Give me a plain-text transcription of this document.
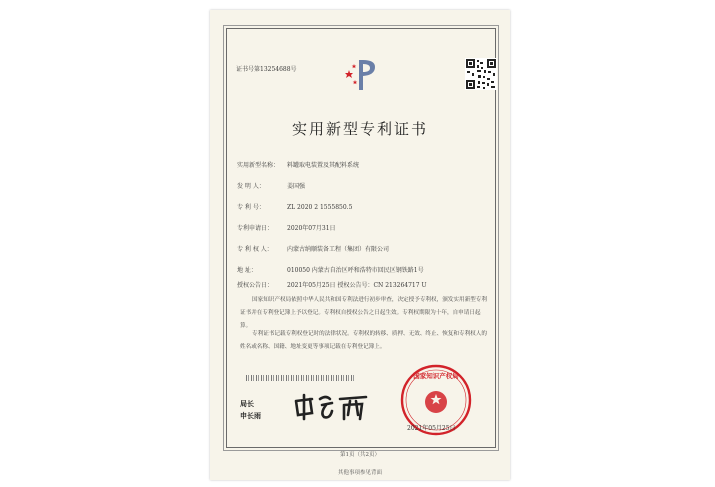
证书号第13254688号
实用新型专利证书
实用新型名称： 料罐取电装置及其配料系统
发 明 人：	姜国强
专 利 号：	ZL 2020 2 1555850.5
专利申请日： 2020年07月31日
专 利 权 人： 内蒙古纳顺装备工程（集团）有限公司
地 址：	010050 内蒙古自治区呼和浩特市回民区钢铁路1号
授权公告日： 2021年05月25日 授权公告号：CN 213264717 U
国家知识产权局依照中华人民共和国专利法进行初步审查，决定授予专利权，颁发实用新型专利证书并在专利登记簿上予以登记。专利权自授权公告之日起生效。专利权期限为十年，自申请日起算。
专利证书记载专利权登记时的法律状况。专利权的转移、质押、无效、终止、恢复和专利权人的姓名或名称、国籍、地址变更等事项记载在专利登记簿上。
局长
申长雨
国家知识产权局
2021年05月25日
第1页（共2页）
其他事项参见背面
